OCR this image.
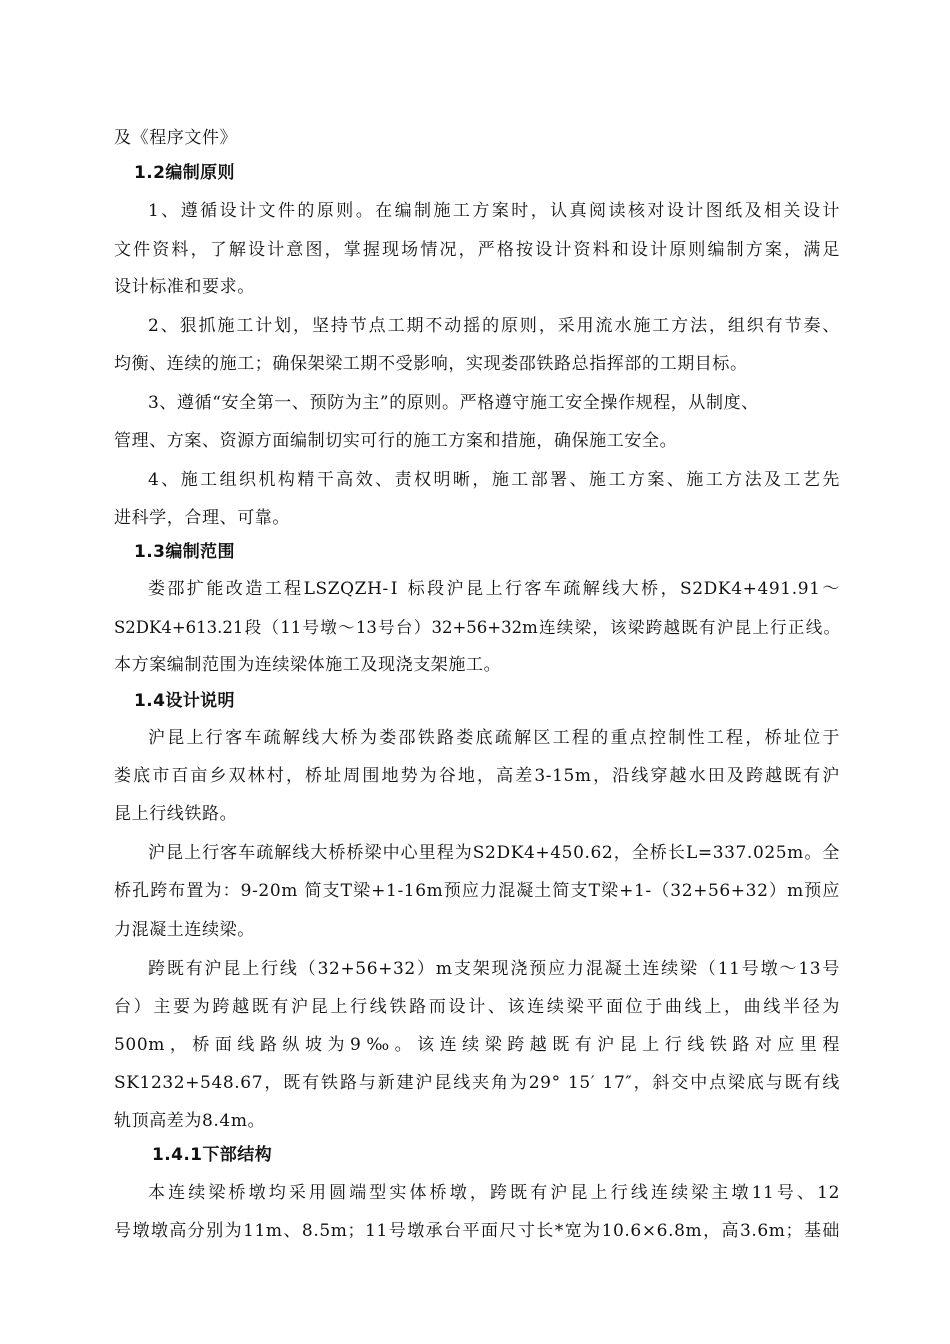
及《程序文件》
1.2编制原则
1、遵循设计文件的原则。在编制施工方案时，认真阅读核对设计图纸及相关设计
文件资料，了解设计意图，掌握现场情况，严格按设计资料和设计原则编制方案，满足
设计标准和要求。
2、狠抓施工计划，坚持节点工期不动摇的原则，采用流水施工方法，组织有节奏、
均衡、连续的施工；确保架梁工期不受影响，实现娄邵铁路总指挥部的工期目标。
3、遵循“安全第一、预防为主”的原则。严格遵守施工安全操作规程，从制度、
管理、方案、资源方面编制切实可行的施工方案和措施，确保施工安全。
4、施工组织机构精干高效、责权明晰，施工部署、施工方案、施工方法及工艺先
进科学，合理、可靠。
1.3编制范围
娄邵扩能改造工程LSZQZH-Ⅰ 标段沪昆上行客车疏解线大桥，S2DK4+491.91～
S2DK4+613.21段（11号墩～13号台）32+56+32m连续梁，该梁跨越既有沪昆上行正线。
本方案编制范围为连续梁体施工及现浇支架施工。
1.4设计说明
沪昆上行客车疏解线大桥为娄邵铁路娄底疏解区工程的重点控制性工程，桥址位于
娄底市百亩乡双林村，桥址周围地势为谷地，高差3-15m，沿线穿越水田及跨越既有沪
昆上行线铁路。
沪昆上行客车疏解线大桥桥梁中心里程为S2DK4+450.62，全桥长L=337.025m。全
桥孔跨布置为：9-20m 简支T梁+1-16m预应力混凝土简支T梁+1-（32+56+32）m预应
力混凝土连续梁。
跨既有沪昆上行线（32+56+32）m支架现浇预应力混凝土连续梁（11号墩～13号
台）主要为跨越既有沪昆上行线铁路而设计、该连续梁平面位于曲线上，曲线半径为
500m，桥面线路纵坡为9‰。该连续梁跨越既有沪昆上行线铁路对应里程
SK1232+548.67，既有铁路与新建沪昆线夹角为29° 15′ 17″，斜交中点梁底与既有线
轨顶高差为8.4m。
1.4.1下部结构
本连续梁桥墩均采用圆端型实体桥墩，跨既有沪昆上行线连续梁主墩11号、12
号墩墩高分别为11m、8.5m；11号墩承台平面尺寸长*宽为10.6×6.8m，高3.6m；基础
